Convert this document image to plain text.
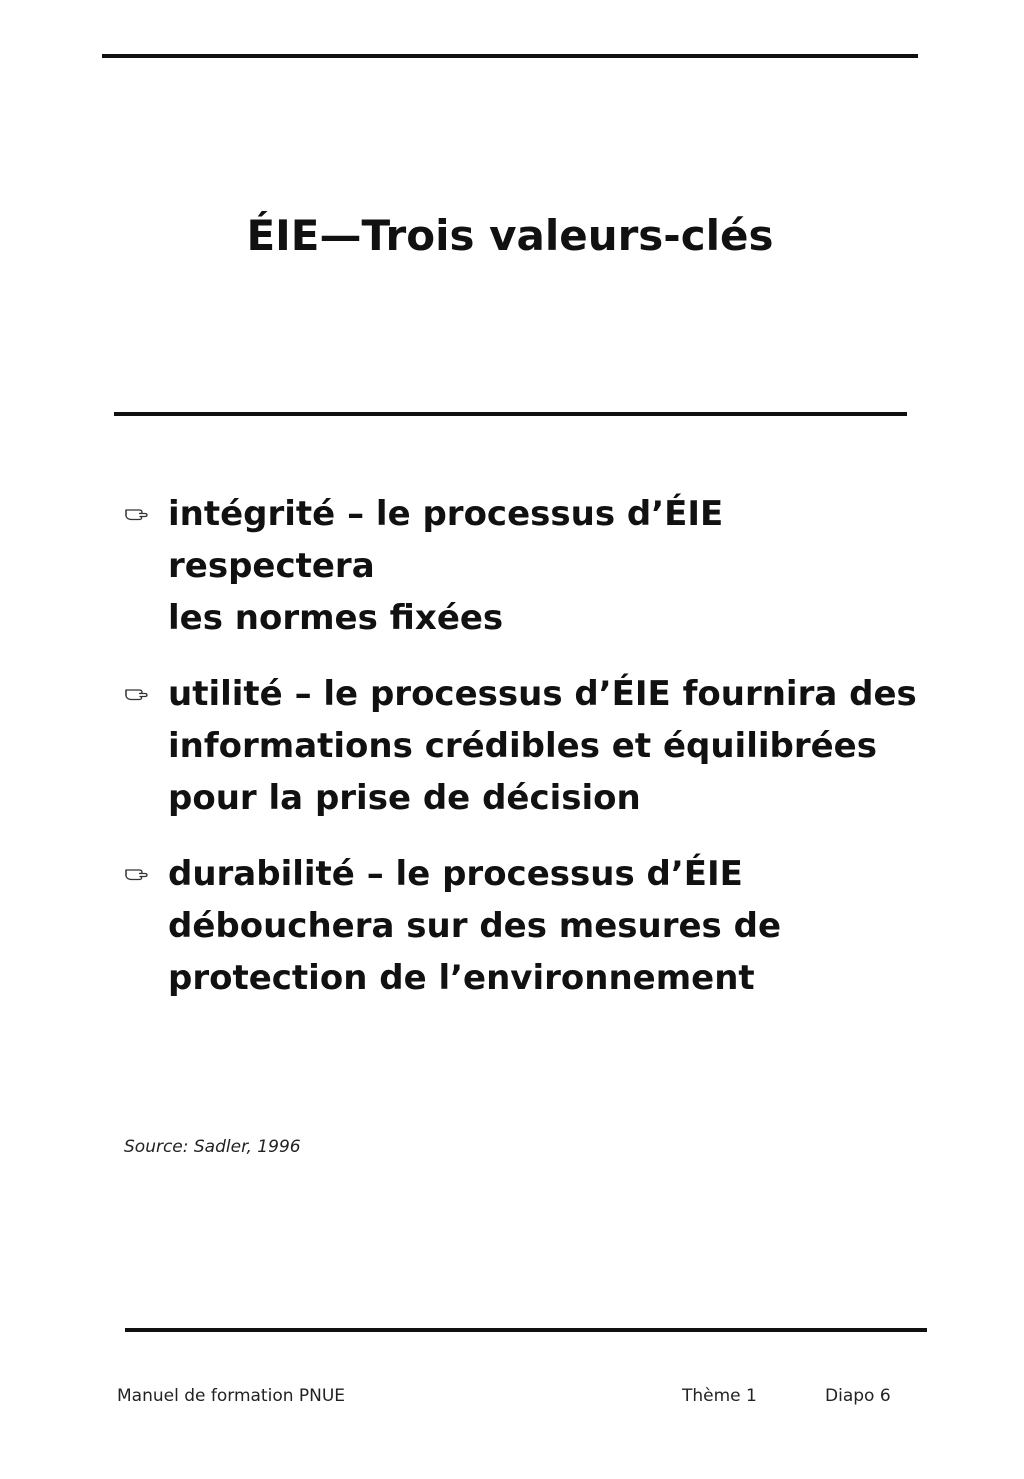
ÉIE—Trois valeurs-clés
intégrité – le processus d’ÉIE respectera
les normes fixées
utilité – le processus d’ÉIE fournira des
informations crédibles et équilibrées
pour la prise de décision
durabilité – le processus d’ÉIE
débouchera sur des mesures de
protection de l’environnement
Source: Sadler, 1996
Manuel de formation PNUE	Thème 1	Diapo 6
